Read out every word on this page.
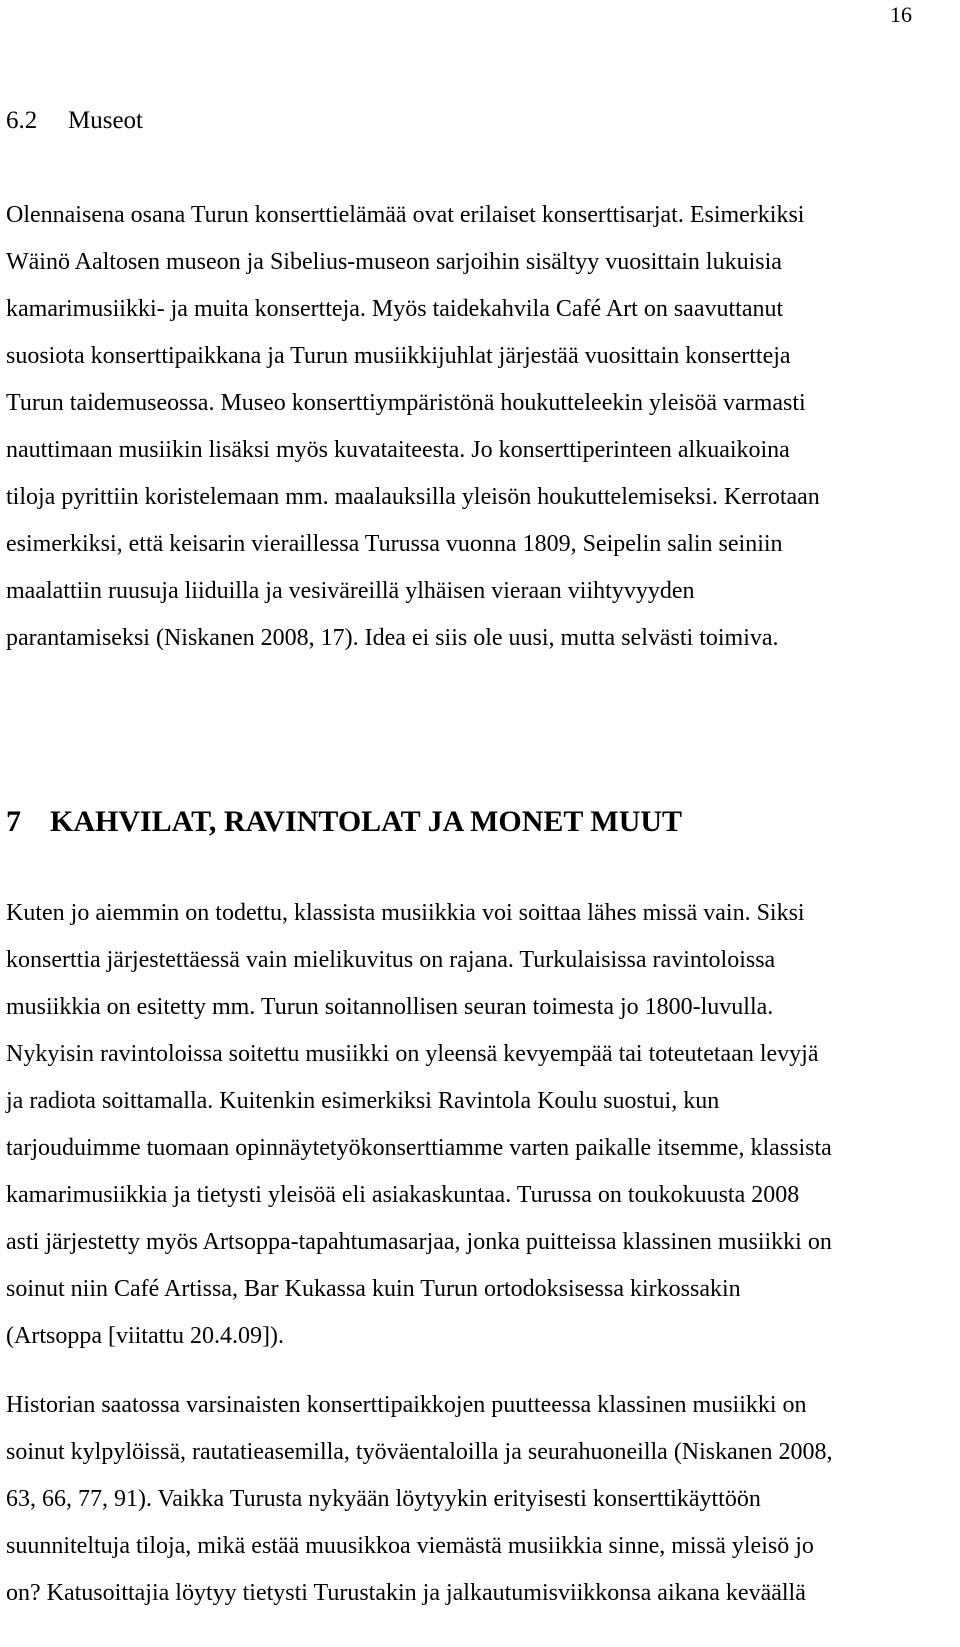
16
6.2 Museot
Olennaisena osana Turun konserttielämää ovat erilaiset konserttisarjat. Esimerkiksi
Wäinö Aaltosen museon ja Sibelius-museon sarjoihin sisältyy vuosittain lukuisia
kamarimusiikki- ja muita konsertteja. Myös taidekahvila Café Art on saavuttanut
suosiota konserttipaikkana ja Turun musiikkijuhlat järjestää vuosittain konsertteja
Turun taidemuseossa. Museo konserttiympäristönä houkutteleekin yleisöä varmasti
nauttimaan musiikin lisäksi myös kuvataiteesta. Jo konserttiperinteen alkuaikoina
tiloja pyrittiin koristelemaan mm. maalauksilla yleisön houkuttelemiseksi. Kerrotaan
esimerkiksi, että keisarin vieraillessa Turussa vuonna 1809, Seipelin salin seiniin
maalattiin ruusuja liiduilla ja vesiväreillä ylhäisen vieraan viihtyvyyden
parantamiseksi (Niskanen 2008, 17). Idea ei siis ole uusi, mutta selvästi toimiva.
7 KAHVILAT, RAVINTOLAT JA MONET MUUT
Kuten jo aiemmin on todettu, klassista musiikkia voi soittaa lähes missä vain. Siksi
konserttia järjestettäessä vain mielikuvitus on rajana. Turkulaisissa ravintoloissa
musiikkia on esitetty mm. Turun soitannollisen seuran toimesta jo 1800-luvulla.
Nykyisin ravintoloissa soitettu musiikki on yleensä kevyempää tai toteutetaan levyjä
ja radiota soittamalla. Kuitenkin esimerkiksi Ravintola Koulu suostui, kun
tarjouduimme tuomaan opinnäytetyökonserttiamme varten paikalle itsemme, klassista
kamarimusiikkia ja tietysti yleisöä eli asiakaskuntaa. Turussa on toukokuusta 2008
asti järjestetty myös Artsoppa-tapahtumasarjaa, jonka puitteissa klassinen musiikki on
soinut niin Café Artissa, Bar Kukassa kuin Turun ortodoksisessa kirkossakin
(Artsoppa [viitattu 20.4.09]).
Historian saatossa varsinaisten konserttipaikkojen puutteessa klassinen musiikki on
soinut kylpylöissä, rautatieasemilla, työväentaloilla ja seurahuoneilla (Niskanen 2008,
63, 66, 77, 91). Vaikka Turusta nykyään löytyykin erityisesti konserttikäyttöön
suunniteltuja tiloja, mikä estää muusikkoa viemästä musiikkia sinne, missä yleisö jo
on? Katusoittajia löytyy tietysti Turustakin ja jalkautumisviikkonsa aikana keväällä
